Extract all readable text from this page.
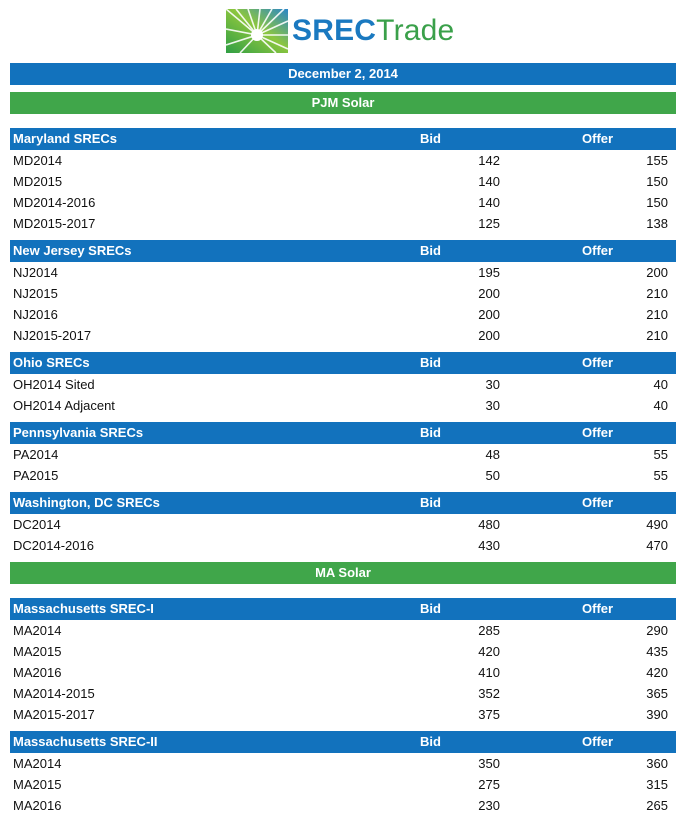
SRECTrade
December 2, 2014
PJM Solar
Maryland SRECs	Bid	Offer
MD2014	142	155
MD2015	140	150
MD2014-2016	140	150
MD2015-2017	125	138
New Jersey SRECs	Bid	Offer
NJ2014	195	200
NJ2015	200	210
NJ2016	200	210
NJ2015-2017	200	210
Ohio SRECs	Bid	Offer
OH2014 Sited	30	40
OH2014 Adjacent	30	40
Pennsylvania SRECs	Bid	Offer
PA2014	48	55
PA2015	50	55
Washington, DC SRECs	Bid	Offer
DC2014	480	490
DC2014-2016	430	470
MA Solar
Massachusetts SREC-I	Bid	Offer
MA2014	285	290
MA2015	420	435
MA2016	410	420
MA2014-2015	352	365
MA2015-2017	375	390
Massachusetts SREC-II	Bid	Offer
MA2014	350	360
MA2015	275	315
MA2016	230	265
